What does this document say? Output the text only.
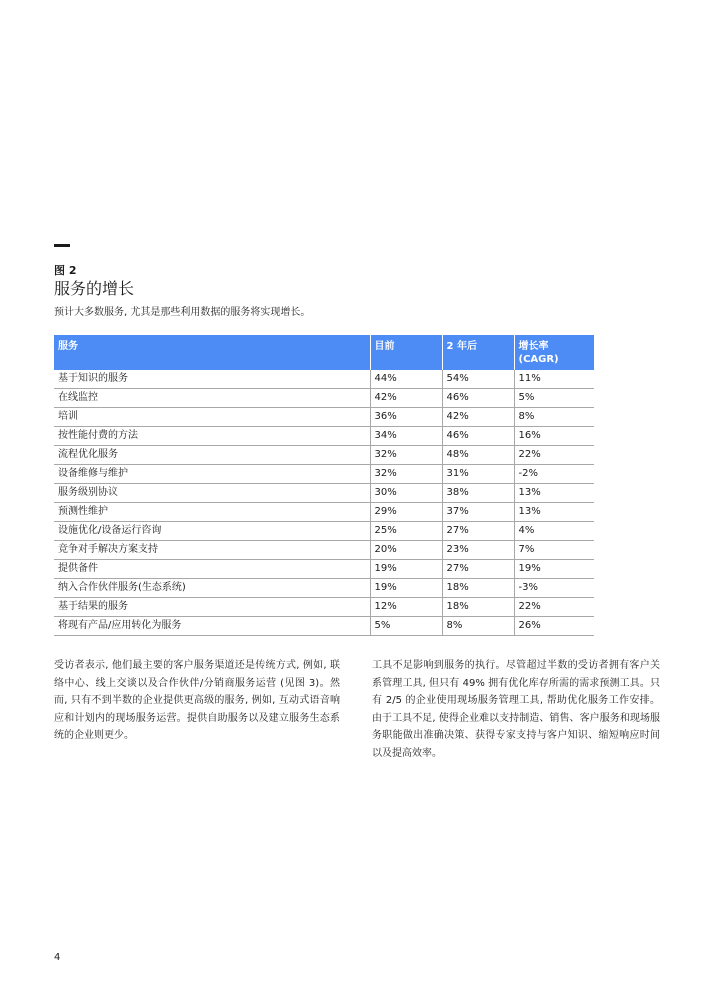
图 2
服务的增长
预计大多数服务, 尤其是那些利用数据的服务将实现增长。
服务	目前	2 年后	增长率 (CAGR)
基于知识的服务	44%	54%	11%
在线监控	42%	46%	5%
培训	36%	42%	8%
按性能付费的方法	34%	46%	16%
流程优化服务	32%	48%	22%
设备维修与维护	32%	31%	-2%
服务级别协议	30%	38%	13%
预测性维护	29%	37%	13%
设施优化/设备运行咨询	25%	27%	4%
竞争对手解决方案支持	20%	23%	7%
提供备件	19%	27%	19%
纳入合作伙伴服务(生态系统)	19%	18%	-3%
基于结果的服务	12%	18%	22%
将现有产品/应用转化为服务	5%	8%	26%
受访者表示, 他们最主要的客户服务渠道还是传统方式, 例如, 联络中心、线上交谈以及合作伙伴/分销商服务运营 (见图 3)。然而, 只有不到半数的企业提供更高级的服务, 例如, 互动式语音响应和计划内的现场服务运营。提供自助服务以及建立服务生态系统的企业则更少。
工具不足影响到服务的执行。尽管超过半数的受访者拥有客户关系管理工具, 但只有 49% 拥有优化库存所需的需求预测工具。只有 2/5 的企业使用现场服务管理工具, 帮助优化服务工作安排。由于工具不足, 使得企业难以支持制造、销售、客户服务和现场服务职能做出准确决策、获得专家支持与客户知识、缩短响应时间以及提高效率。
4
